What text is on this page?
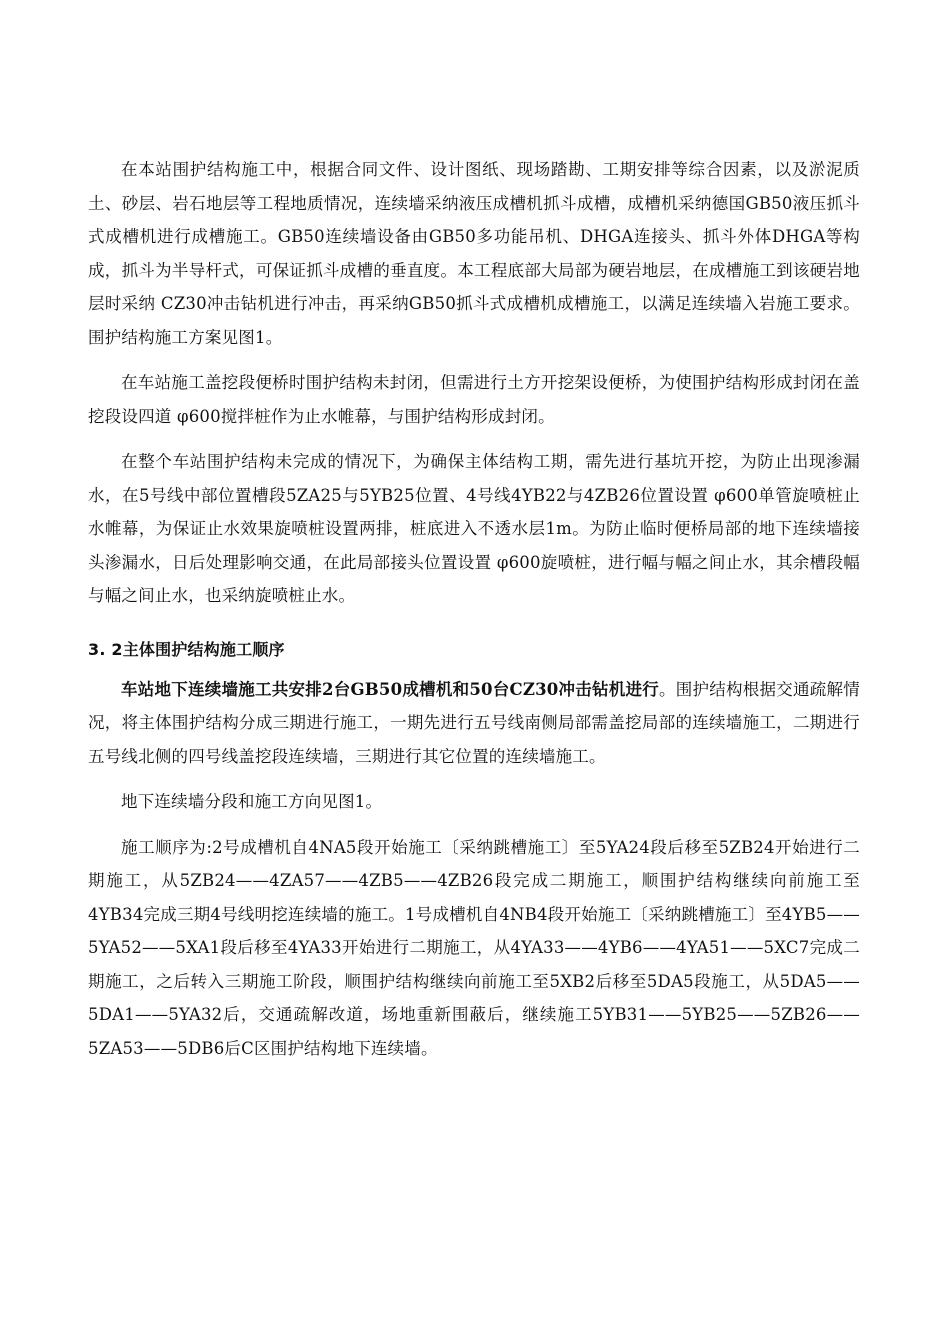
在本站围护结构施工中，根据合同文件、设计图纸、现场踏勘、工期安排等综合因素，以及淤泥质土、砂层、岩石地层等工程地质情况，连续墙采纳液压成槽机抓斗成槽，成槽机采纳德国GB50液压抓斗式成槽机进行成槽施工。GB50连续墙设备由GB50多功能吊机、DHGA连接头、抓斗外体DHGA等构成，抓斗为半导杆式，可保证抓斗成槽的垂直度。本工程底部大局部为硬岩地层，在成槽施工到该硬岩地层时采纳 CZ30冲击钻机进行冲击，再采纳GB50抓斗式成槽机成槽施工，以满足连续墙入岩施工要求。围护结构施工方案见图1。

在车站施工盖挖段便桥时围护结构未封闭，但需进行土方开挖架设便桥，为使围护结构形成封闭在盖挖段设四道 φ600搅拌桩作为止水帷幕，与围护结构形成封闭。

在整个车站围护结构未完成的情况下，为确保主体结构工期，需先进行基坑开挖，为防止出现渗漏水，在5号线中部位置槽段5ZA25与5YB25位置、4号线4YB22与4ZB26位置设置 φ600单管旋喷桩止水帷幕，为保证止水效果旋喷桩设置两排，桩底进入不透水层1m。为防止临时便桥局部的地下连续墙接头渗漏水，日后处理影响交通，在此局部接头位置设置 φ600旋喷桩，进行幅与幅之间止水，其余槽段幅与幅之间止水，也采纳旋喷桩止水。

3. 2主体围护结构施工顺序

车站地下连续墙施工共安排2台GB50成槽机和50台CZ30冲击钻机进行。围护结构根据交通疏解情况，将主体围护结构分成三期进行施工，一期先进行五号线南侧局部需盖挖局部的连续墙施工，二期进行五号线北侧的四号线盖挖段连续墙，三期进行其它位置的连续墙施工。

地下连续墙分段和施工方向见图1。

施工顺序为:2号成槽机自4NA5段开始施工〔采纳跳槽施工〕至5YA24段后移至5ZB24开始进行二期施工，从5ZB24——4ZA57——4ZB5——4ZB26段完成二期施工，顺围护结构继续向前施工至4YB34完成三期4号线明挖连续墙的施工。1号成槽机自4NB4段开始施工〔采纳跳槽施工〕至4YB5——5YA52——5XA1段后移至4YA33开始进行二期施工，从4YA33——4YB6——4YA51——5XC7完成二期施工，之后转入三期施工阶段，顺围护结构继续向前施工至5XB2后移至5DA5段施工，从5DA5——5DA1——5YA32后，交通疏解改道，场地重新围蔽后，继续施工5YB31——5YB25——5ZB26——5ZA53——5DB6后C区围护结构地下连续墙。
